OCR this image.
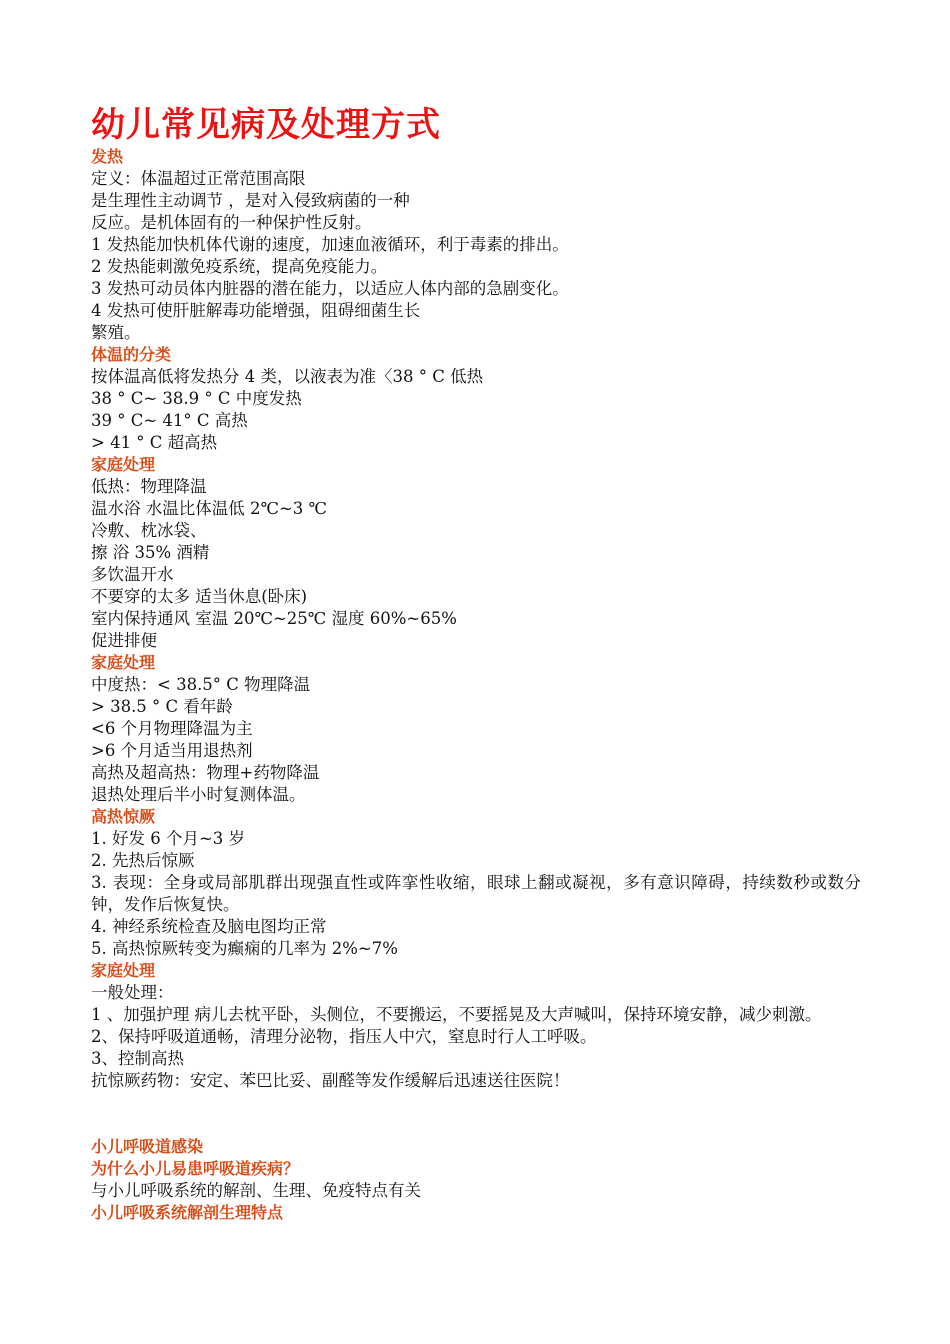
幼儿常见病及处理方式
发热

定义：体温超过正常范围高限

是生理性主动调节 ，是对入侵致病菌的一种

反应。是机体固有的一种保护性反射。

1 发热能加快机体代谢的速度，加速血液循环，利于毒素的排出。

2 发热能刺激免疫系统，提高免疫能力。

3 发热可动员体内脏器的潜在能力，以适应人体内部的急剧变化。

4 发热可使肝脏解毒功能增强，阻碍细菌生长

繁殖。

体温的分类

按体温高低将发热分 4 类，以液表为准〈38 ° C 低热

38 ° C~ 38.9 ° C 中度发热

39 ° C~ 41° C 高热

> 41 ° C 超高热

家庭处理

低热：物理降温

温水浴 水温比体温低 2℃~3 ℃

冷敷、枕冰袋、

擦 浴 35% 酒精

多饮温开水

不要穿的太多 适当休息(卧床)

室内保持通风 室温 20℃~25℃ 湿度 60%~65%

促进排便

家庭处理

中度热：< 38.5° C 物理降温

> 38.5 ° C 看年龄

<6 个月物理降温为主

>6 个月适当用退热剂

高热及超高热：物理+药物降温

退热处理后半小时复测体温。

高热惊厥

1. 好发 6 个月~3 岁

2. 先热后惊厥

3. 表现：全身或局部肌群出现强直性或阵挛性收缩，眼球上翻或凝视，多有意识障碍，持续数秒或数分钟，发作后恢复快。

4. 神经系统检查及脑电图均正常

5. 高热惊厥转变为癫痫的几率为 2%~7%

家庭处理

一般处理：

1 、加强护理 病儿去枕平卧，头侧位，不要搬运，不要摇晃及大声喊叫，保持环境安静，减少刺激。

2、保持呼吸道通畅，清理分泌物，指压人中穴，窒息时行人工呼吸。

3、控制高热

抗惊厥药物：安定、苯巴比妥、副醛等发作缓解后迅速送往医院！

小儿呼吸道感染
为什么小儿易患呼吸道疾病？

与小儿呼吸系统的解剖、生理、免疫特点有关

小儿呼吸系统解剖生理特点
